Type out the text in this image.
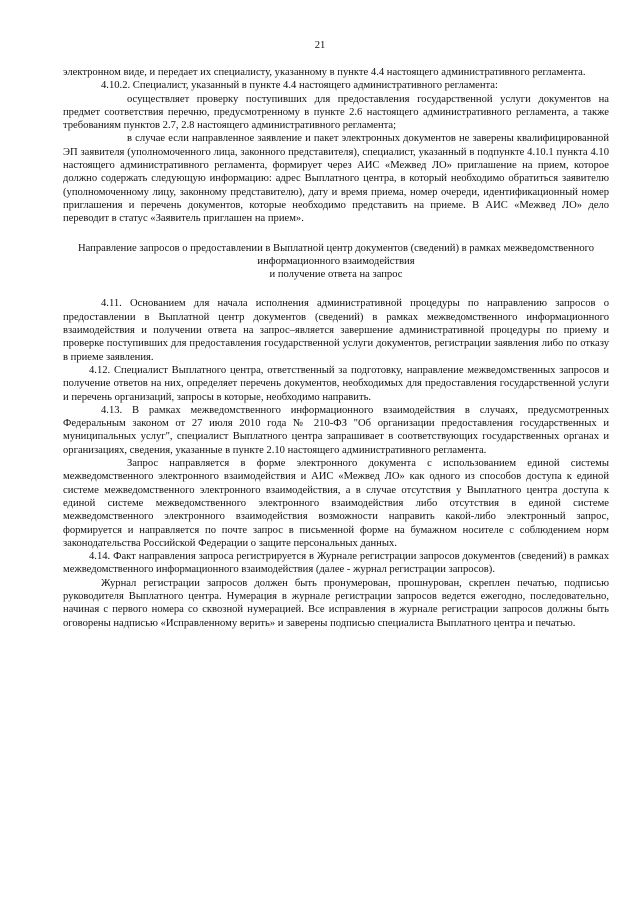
21

электронном виде, и передает их специалисту, указанному в пункте 4.4 настоящего административного регламента.

4.10.2. Специалист, указанный в пункте 4.4 настоящего административного регламента:

осуществляет проверку поступивших для предоставления государственной услуги документов на предмет соответствия перечню, предусмотренному в пункте 2.6 настоящего административного регламента, а также требованиям пунктов 2.7, 2.8 настоящего административного регламента;

в случае если направленное заявление и пакет электронных документов не заверены квалифицированной ЭП заявителя (уполномоченного лица, законного представителя), специалист, указанный в подпункте 4.10.1 пункта 4.10 настоящего административного регламента, формирует через АИС «Межвед ЛО» приглашение на прием, которое должно содержать следующую информацию: адрес Выплатного центра, в который необходимо обратиться заявителю (уполномоченному лицу, законному представителю), дату и время приема, номер очереди, идентификационный номер приглашения и перечень документов, которые необходимо представить на приеме. В АИС «Межвед ЛО» дело переводит в статус «Заявитель приглашен на прием».

Направление запросов о предоставлении в Выплатной центр документов (сведений) в рамках межведомственного информационного взаимодействия
и получение ответа на запрос

4.11. Основанием для начала исполнения административной процедуры по направлению запросов о предоставлении в Выплатной центр документов (сведений) в рамках межведомственного информационного взаимодействия и получении ответа на запрос–является завершение административной процедуры по приему и проверке поступивших для предоставления государственной услуги документов, регистрации заявления либо по отказу в приеме заявления.

4.12. Специалист Выплатного центра, ответственный за подготовку, направление межведомственных запросов и получение ответов на них, определяет перечень документов, необходимых для предоставления государственной услуги и перечень организаций, запросы в которые, необходимо направить.

4.13. В рамках межведомственного информационного взаимодействия в случаях, предусмотренных Федеральным законом от 27 июля 2010 года № 210-ФЗ "Об организации предоставления государственных и муниципальных услуг", специалист Выплатного центра запрашивает в соответствующих государственных органах и организациях, сведения, указанные в пункте 2.10 настоящего административного регламента.

Запрос направляется в форме электронного документа с использованием единой системы межведомственного электронного взаимодействия и АИС «Межвед ЛО» как одного из способов доступа к единой системе межведомственного электронного взаимодействия, а в случае отсутствия у Выплатного центра доступа к единой системе межведомственного электронного взаимодействия либо отсутствия в единой системе межведомственного электронного взаимодействия возможности направить какой-либо электронный запрос, формируется и направляется по почте запрос в письменной форме на бумажном носителе с соблюдением норм законодательства Российской Федерации о защите персональных данных.

4.14. Факт направления запроса регистрируется в Журнале регистрации запросов документов (сведений) в рамках межведомственного информационного взаимодействия (далее - журнал регистрации запросов).

Журнал регистрации запросов должен быть пронумерован, прошнурован, скреплен печатью, подписью руководителя Выплатного центра. Нумерация в журнале регистрации запросов ведется ежегодно, последовательно, начиная с первого номера со сквозной нумерацией. Все исправления в журнале регистрации запросов должны быть оговорены надписью «Исправленному верить» и заверены подписью специалиста Выплатного центра и печатью.
